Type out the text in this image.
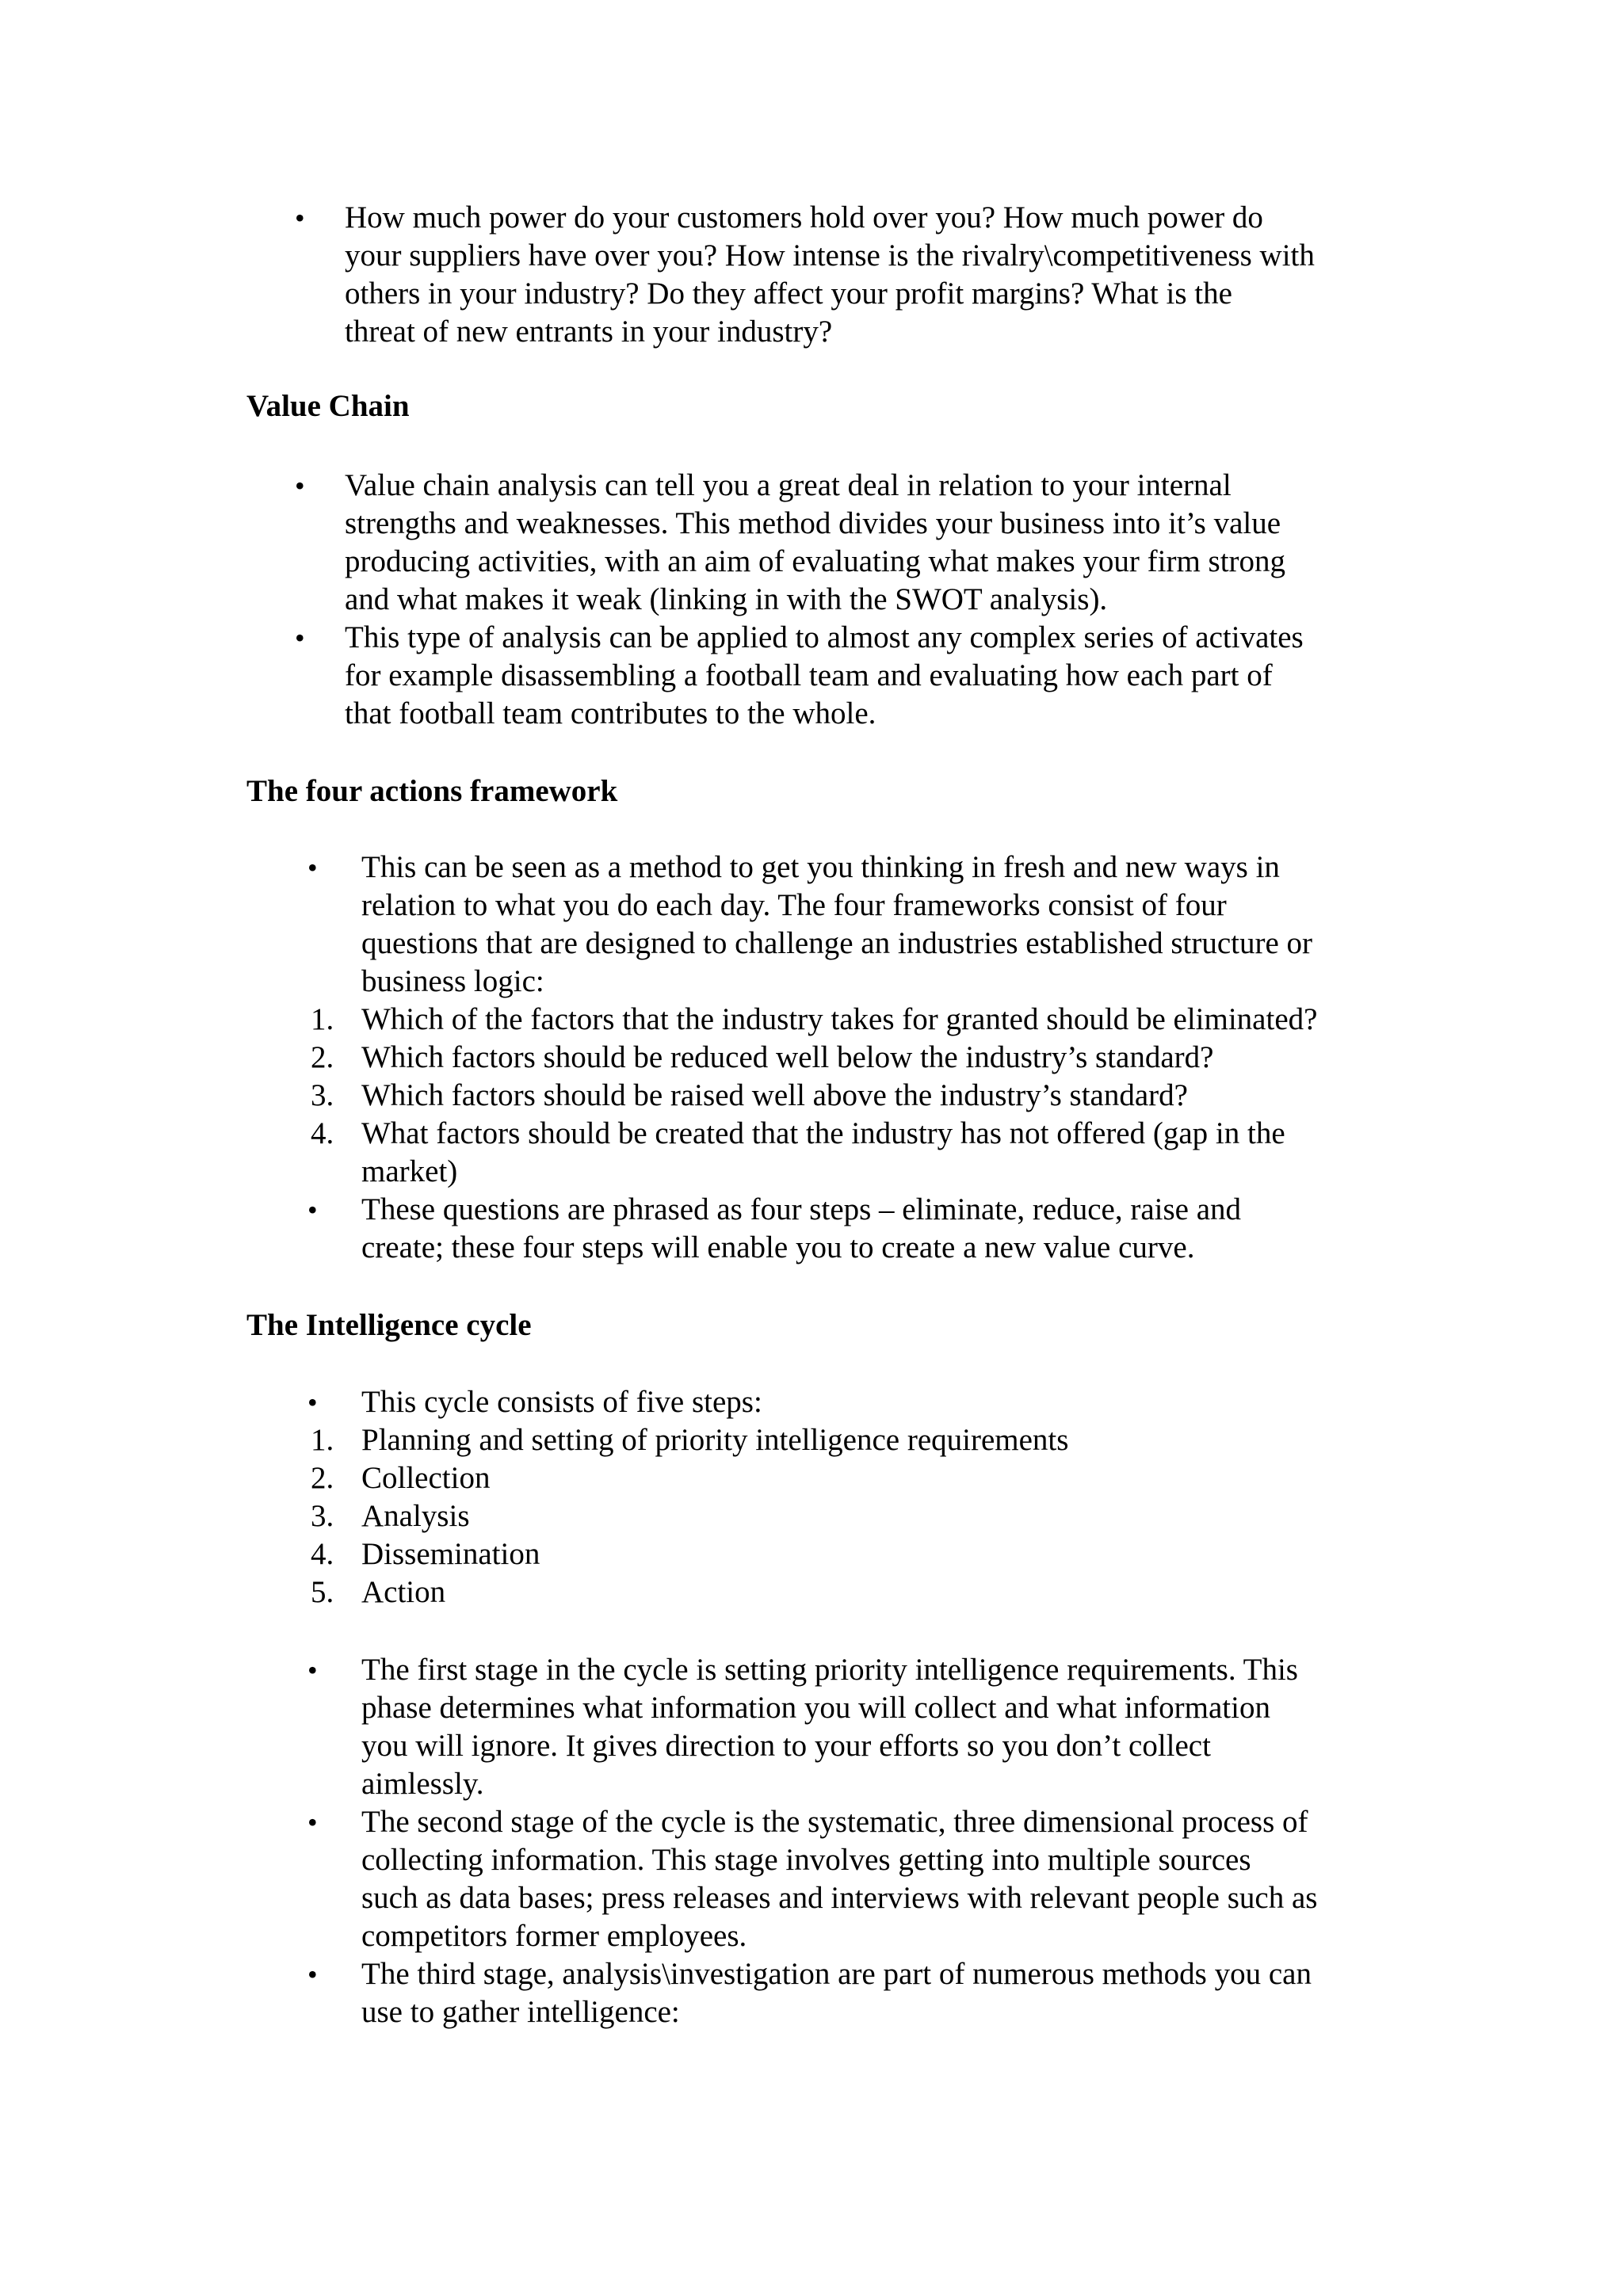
• How much power do your customers hold over you? How much power do
your suppliers have over you? How intense is the rivalry\competitiveness with
others in your industry? Do they affect your profit margins? What is the
threat of new entrants in your industry?
Value Chain
• Value chain analysis can tell you a great deal in relation to your internal
strengths and weaknesses. This method divides your business into it’s value
producing activities, with an aim of evaluating what makes your firm strong
and what makes it weak (linking in with the SWOT analysis).
• This type of analysis can be applied to almost any complex series of activates
for example disassembling a football team and evaluating how each part of
that football team contributes to the whole.
The four actions framework
• This can be seen as a method to get you thinking in fresh and new ways in
relation to what you do each day. The four frameworks consist of four
questions that are designed to challenge an industries established structure or
business logic:
1. Which of the factors that the industry takes for granted should be eliminated?
2. Which factors should be reduced well below the industry’s standard?
3. Which factors should be raised well above the industry’s standard?
4. What factors should be created that the industry has not offered (gap in the
market)
• These questions are phrased as four steps – eliminate, reduce, raise and
create; these four steps will enable you to create a new value curve.
The Intelligence cycle
• This cycle consists of five steps:
1. Planning and setting of priority intelligence requirements
2. Collection
3. Analysis
4. Dissemination
5. Action
• The first stage in the cycle is setting priority intelligence requirements. This
phase determines what information you will collect and what information
you will ignore. It gives direction to your efforts so you don’t collect
aimlessly.
• The second stage of the cycle is the systematic, three dimensional process of
collecting information. This stage involves getting into multiple sources
such as data bases; press releases and interviews with relevant people such as
competitors former employees.
• The third stage, analysis\investigation are part of numerous methods you can
use to gather intelligence:
